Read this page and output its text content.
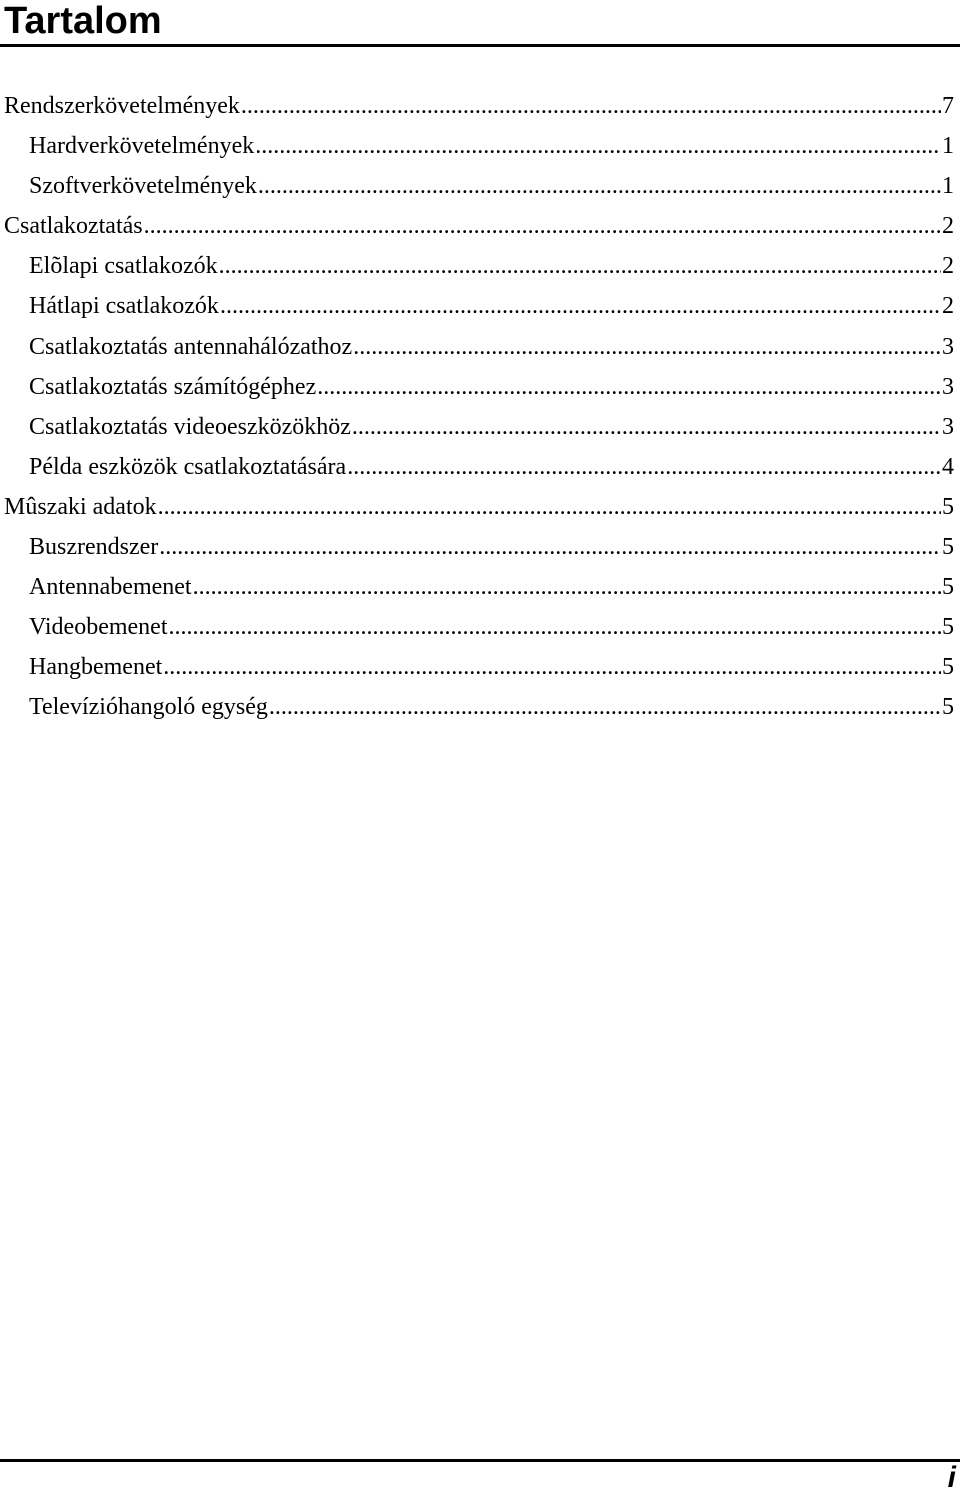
Tartalom
Rendszerkövetelmények .....	7
Hardverkövetelmények .....	1
Szoftverkövetelmények .....	1
Csatlakoztatás .....	2
Elõlapi csatlakozók .....	2
Hátlapi csatlakozók .....	2
Csatlakoztatás antennahálózathoz .....	3
Csatlakoztatás számítógéphez .....	3
Csatlakoztatás videoeszközökhöz .....	3
Példa eszközök csatlakoztatására .....	4
Mûszaki adatok .....	5
Buszrendszer .....	5
Antennabemenet .....	5
Videobemenet .....	5
Hangbemenet .....	5
Televízióhangoló egység .....	5
i
